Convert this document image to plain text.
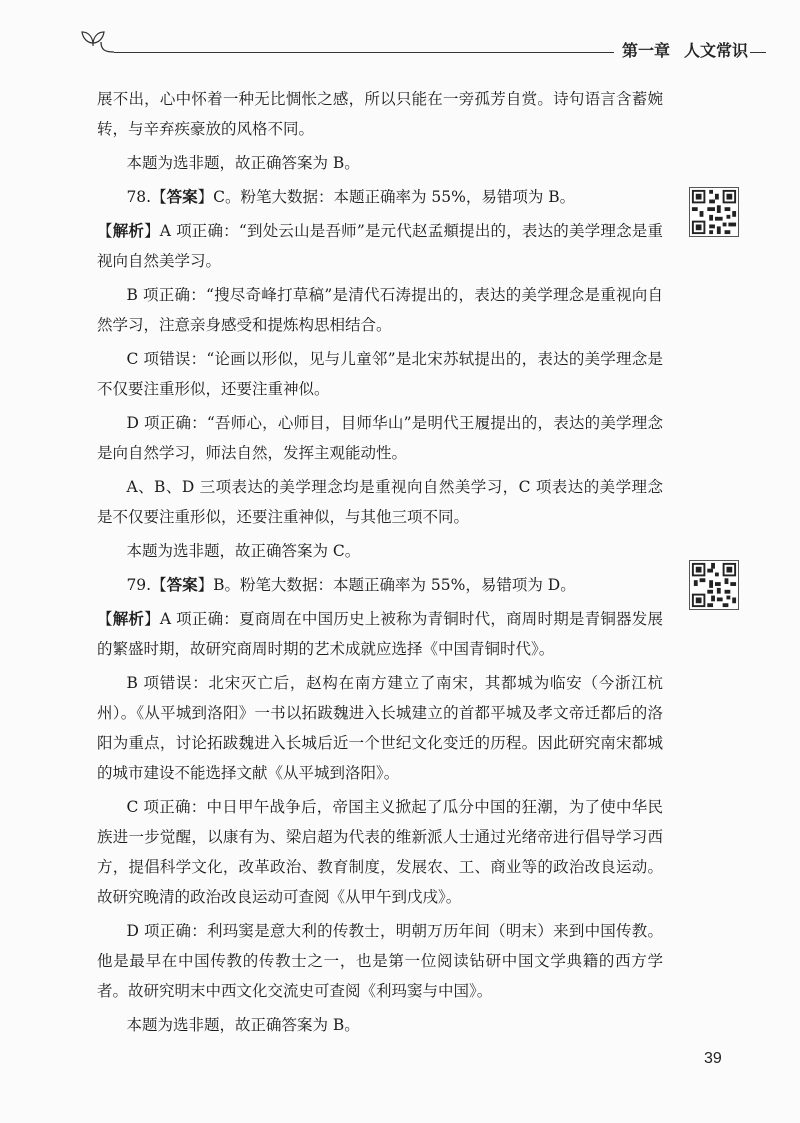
第一章 人文常识

展不出，心中怀着一种无比惆怅之感，所以只能在一旁孤芳自赏。诗句语言含蓄婉转，与辛弃疾豪放的风格不同。

本题为选非题，故正确答案为 B。

78.【答案】C。粉笔大数据：本题正确率为 55%，易错项为 B。

【解析】A 项正确：“到处云山是吾师”是元代赵孟頫提出的，表达的美学理念是重视向自然美学习。

B 项正确：“搜尽奇峰打草稿”是清代石涛提出的，表达的美学理念是重视向自然学习，注意亲身感受和提炼构思相结合。

C 项错误：“论画以形似，见与儿童邻”是北宋苏轼提出的，表达的美学理念是不仅要注重形似，还要注重神似。

D 项正确：“吾师心，心师目，目师华山”是明代王履提出的，表达的美学理念是向自然学习，师法自然，发挥主观能动性。

A、B、D 三项表达的美学理念均是重视向自然美学习，C 项表达的美学理念是不仅要注重形似，还要注重神似，与其他三项不同。

本题为选非题，故正确答案为 C。

79.【答案】B。粉笔大数据：本题正确率为 55%，易错项为 D。

【解析】A 项正确：夏商周在中国历史上被称为青铜时代，商周时期是青铜器发展的繁盛时期，故研究商周时期的艺术成就应选择《中国青铜时代》。

B 项错误：北宋灭亡后，赵构在南方建立了南宋，其都城为临安（今浙江杭州）。《从平城到洛阳》一书以拓跋魏进入长城建立的首都平城及孝文帝迁都后的洛阳为重点，讨论拓跋魏进入长城后近一个世纪文化变迁的历程。因此研究南宋都城的城市建设不能选择文献《从平城到洛阳》。

C 项正确：中日甲午战争后，帝国主义掀起了瓜分中国的狂潮，为了使中华民族进一步觉醒，以康有为、梁启超为代表的维新派人士通过光绪帝进行倡导学习西方，提倡科学文化，改革政治、教育制度，发展农、工、商业等的政治改良运动。故研究晚清的政治改良运动可查阅《从甲午到戊戌》。

D 项正确：利玛窦是意大利的传教士，明朝万历年间（明末）来到中国传教。他是最早在中国传教的传教士之一，也是第一位阅读钻研中国文学典籍的西方学者。故研究明末中西文化交流史可查阅《利玛窦与中国》。

本题为选非题，故正确答案为 B。

39
